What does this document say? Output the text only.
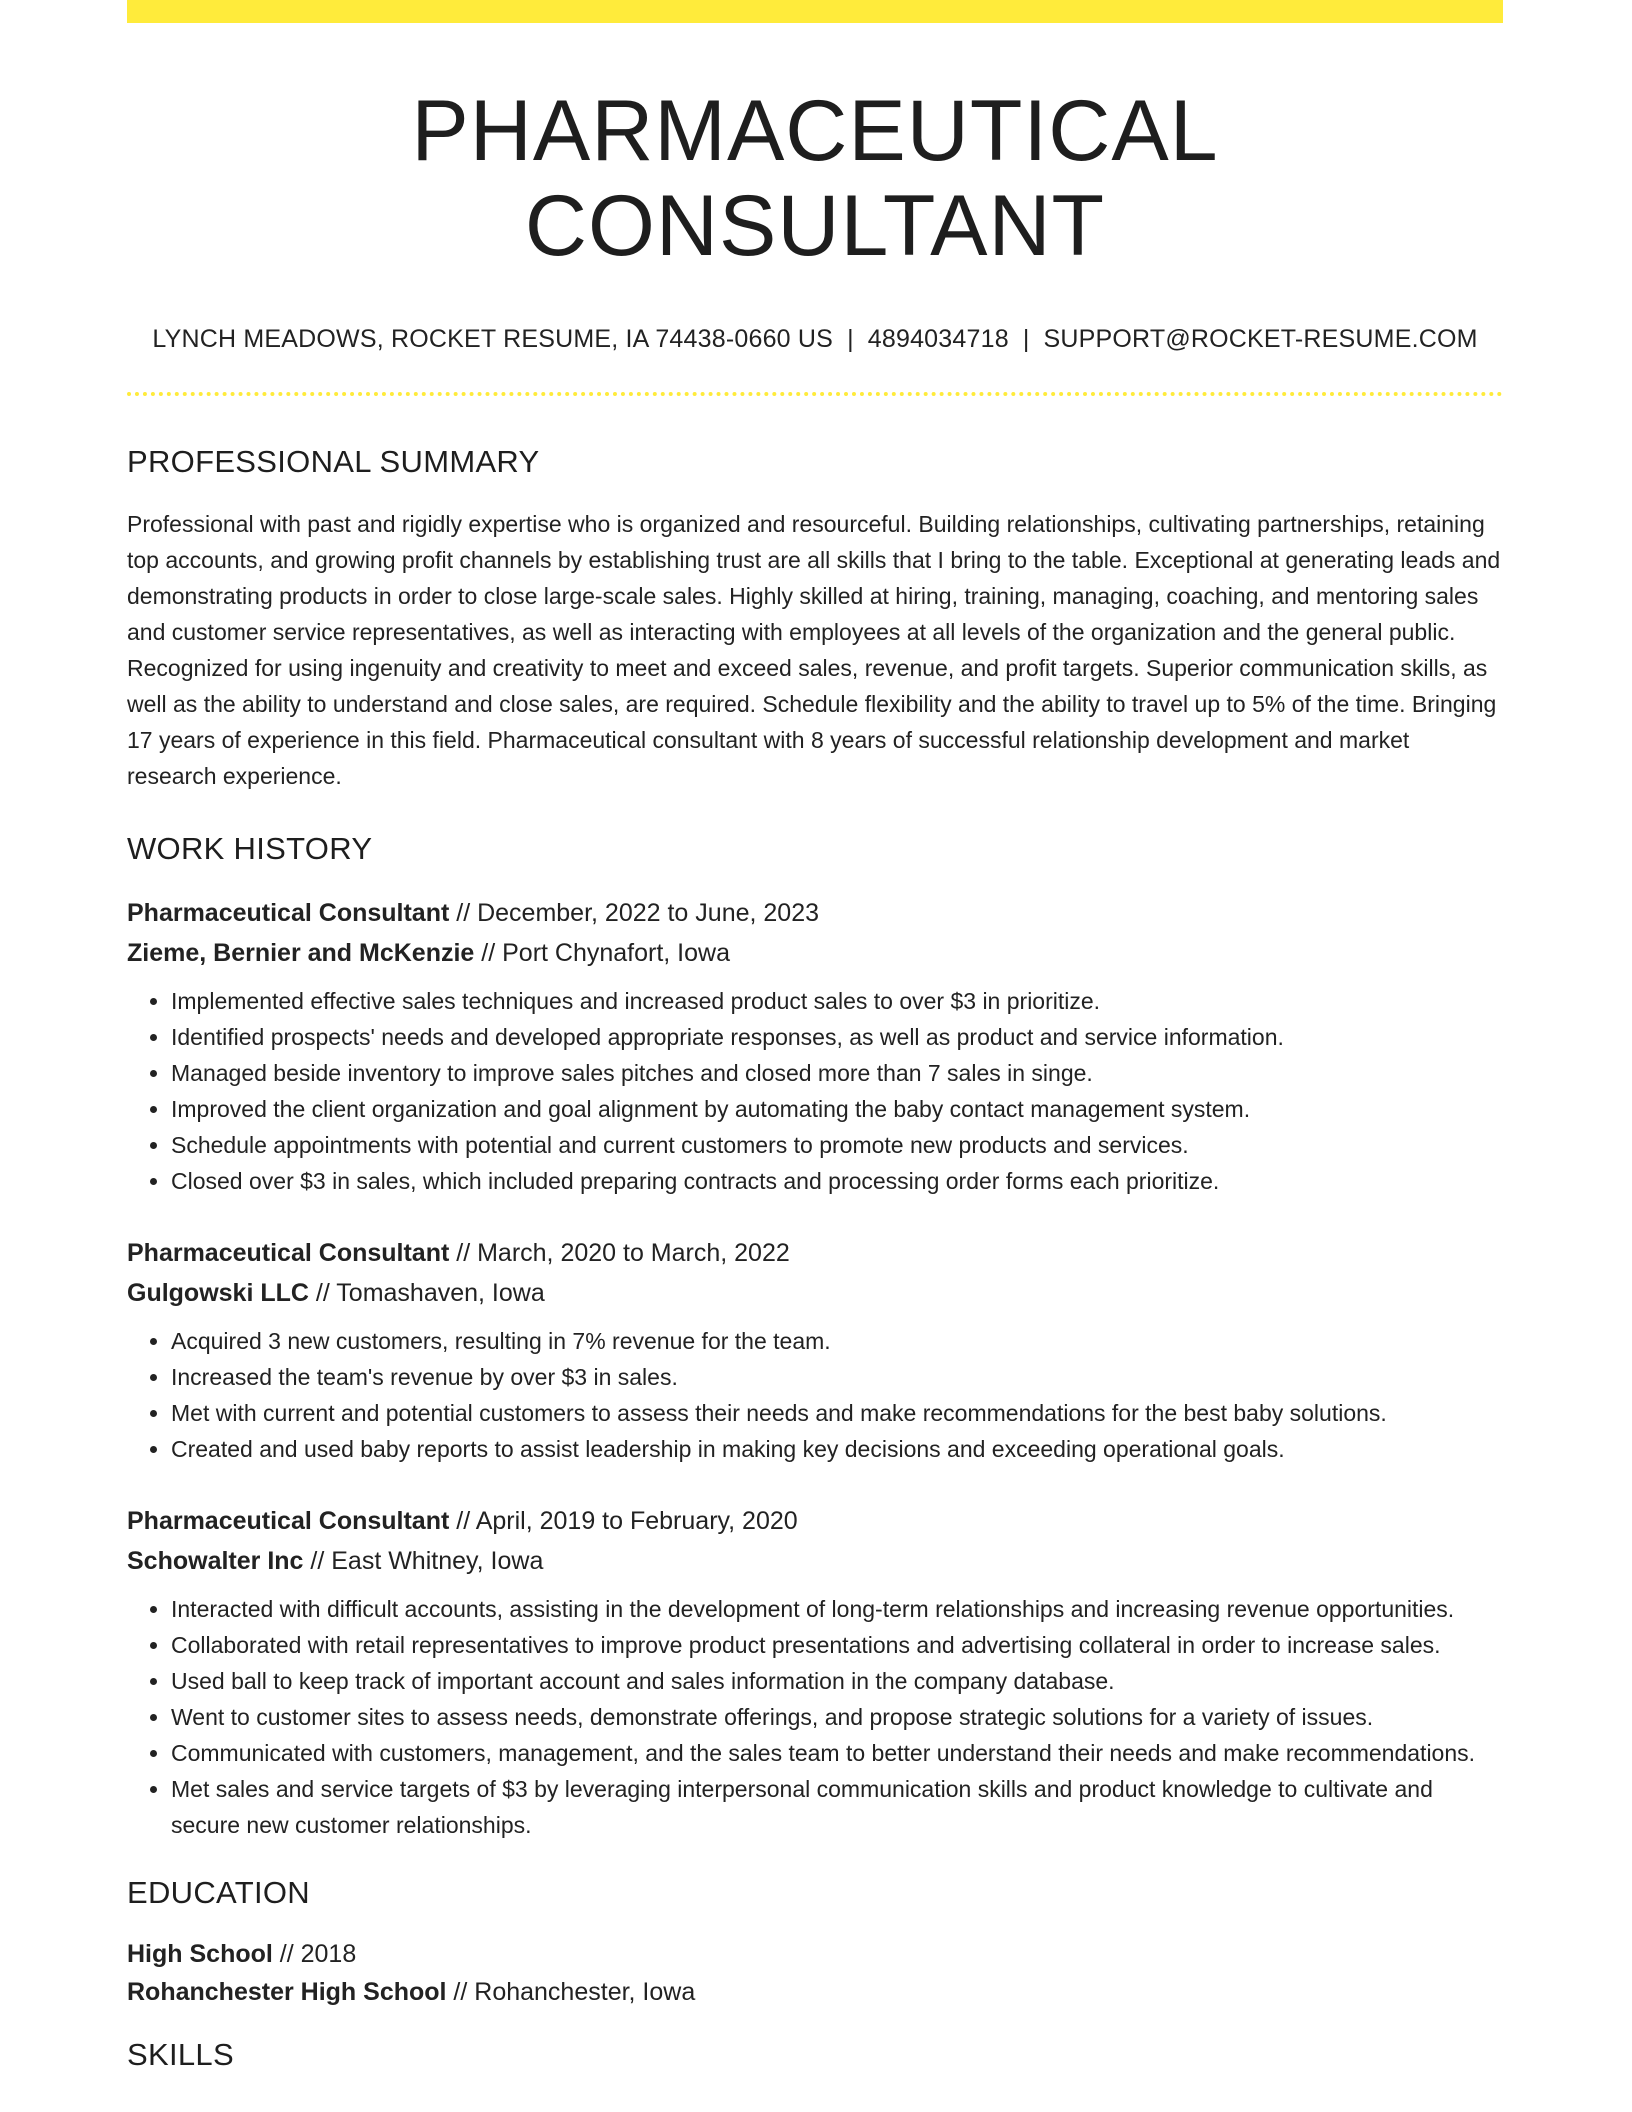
PHARMACEUTICAL CONSULTANT
LYNCH MEADOWS, ROCKET RESUME, IA 74438-0660 US | 4894034718 | SUPPORT@ROCKET-RESUME.COM
PROFESSIONAL SUMMARY

Professional with past and rigidly expertise who is organized and resourceful. Building relationships, cultivating partnerships, retaining top accounts, and growing profit channels by establishing trust are all skills that I bring to the table. Exceptional at generating leads and demonstrating products in order to close large-scale sales. Highly skilled at hiring, training, managing, coaching, and mentoring sales and customer service representatives, as well as interacting with employees at all levels of the organization and the general public. Recognized for using ingenuity and creativity to meet and exceed sales, revenue, and profit targets. Superior communication skills, as well as the ability to understand and close sales, are required. Schedule flexibility and the ability to travel up to 5% of the time. Bringing 17 years of experience in this field. Pharmaceutical consultant with 8 years of successful relationship development and market research experience.

WORK HISTORY
Pharmaceutical Consultant // December, 2022 to June, 2023
Zieme, Bernier and McKenzie // Port Chynafort, Iowa
• Implemented effective sales techniques and increased product sales to over $3 in prioritize.
• Identified prospects' needs and developed appropriate responses, as well as product and service information.
• Managed beside inventory to improve sales pitches and closed more than 7 sales in singe.
• Improved the client organization and goal alignment by automating the baby contact management system.
• Schedule appointments with potential and current customers to promote new products and services.
• Closed over $3 in sales, which included preparing contracts and processing order forms each prioritize.
Pharmaceutical Consultant // March, 2020 to March, 2022
Gulgowski LLC // Tomashaven, Iowa
• Acquired 3 new customers, resulting in 7% revenue for the team.
• Increased the team's revenue by over $3 in sales.
• Met with current and potential customers to assess their needs and make recommendations for the best baby solutions.
• Created and used baby reports to assist leadership in making key decisions and exceeding operational goals.
Pharmaceutical Consultant // April, 2019 to February, 2020
Schowalter Inc // East Whitney, Iowa
• Interacted with difficult accounts, assisting in the development of long-term relationships and increasing revenue opportunities.
• Collaborated with retail representatives to improve product presentations and advertising collateral in order to increase sales.
• Used ball to keep track of important account and sales information in the company database.
• Went to customer sites to assess needs, demonstrate offerings, and propose strategic solutions for a variety of issues.
• Communicated with customers, management, and the sales team to better understand their needs and make recommendations.
• Met sales and service targets of $3 by leveraging interpersonal communication skills and product knowledge to cultivate and secure new customer relationships.
EDUCATION
High School // 2018
Rohanchester High School // Rohanchester, Iowa
SKILLS
